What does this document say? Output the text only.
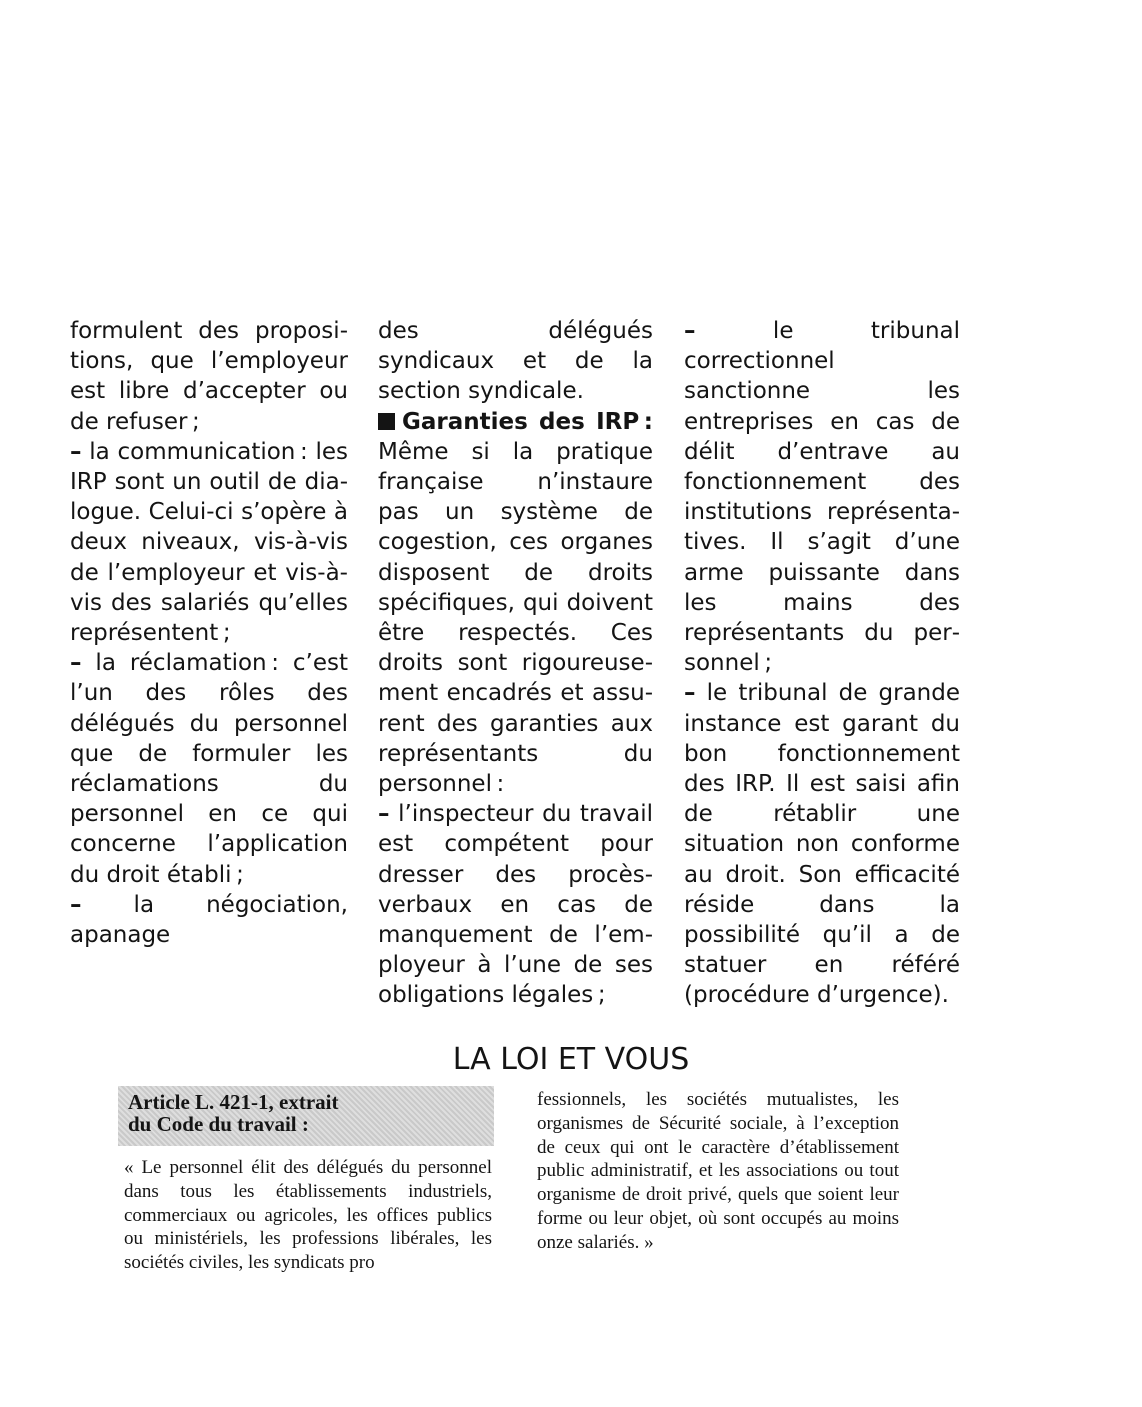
formulent des propositions, que l’employeur est libre d’accepter ou de refuser ;

– la communication : les IRP sont un outil de dialogue. Celui-ci s’opère à deux niveaux, vis-à-vis de l’employeur et vis-à-vis des salariés qu’elles représentent ;

– la réclamation : c’est l’un des rôles des délégués du personnel que de formuler les réclamations du personnel en ce qui concerne l’application du droit établi ;

– la négociation, apanage

des délégués syndicaux et de la section syndicale.

Garanties des IRP : Même si la pratique française n’instaure pas un système de cogestion, ces organes disposent de droits spécifiques, qui doivent être respectés. Ces droits sont rigoureusement encadrés et assurent des garanties aux représentants du personnel :

– l’inspecteur du travail est compétent pour dresser des procès-verbaux en cas de manquement de l’employeur à l’une de ses obligations légales ;

– le tribunal correctionnel sanctionne les entreprises en cas de délit d’entrave au fonctionnement des institutions représentatives. Il s’agit d’une arme puissante dans les mains des représentants du personnel ;

– le tribunal de grande instance est garant du bon fonctionnement des IRP. Il est saisi afin de rétablir une situation non conforme au droit. Son efficacité réside dans la possibilité qu’il a de statuer en référé (procédure d’urgence).

LA LOI ET VOUS
Article L. 421-1, extrait
du Code du travail :

« Le personnel élit des délégués du personnel dans tous les établissements industriels, commerciaux ou agricoles, les offices publics ou ministériels, les professions libérales, les sociétés civiles, les syndicats pro

fessionnels, les sociétés mutualistes, les organismes de Sécurité sociale, à l’exception de ceux qui ont le caractère d’établissement public administratif, et les associations ou tout organisme de droit privé, quels que soient leur forme ou leur objet, où sont occupés au moins onze salariés. »
